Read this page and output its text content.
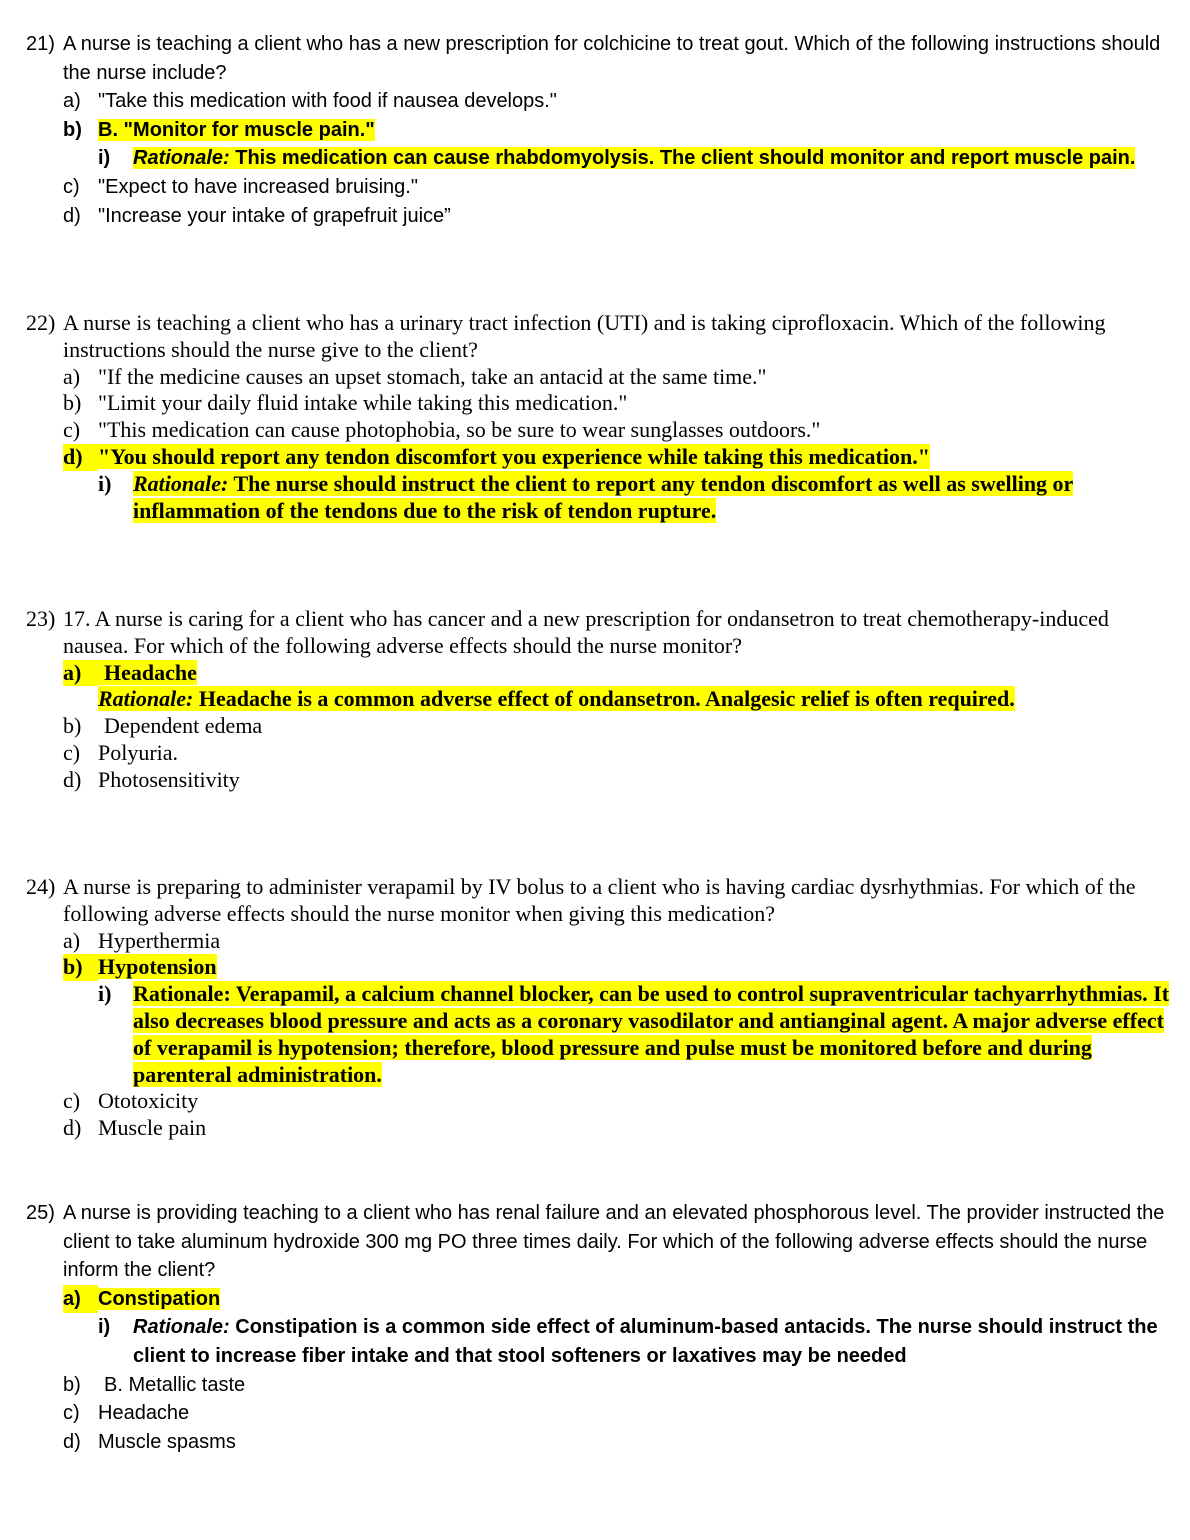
21) A nurse is teaching a client who has a new prescription for colchicine to treat gout. Which of the following instructions should the nurse include?
a) "Take this medication with food if nausea develops."
b) B. "Monitor for muscle pain."
i)	Rationale: This medication can cause rhabdomyolysis. The client should monitor and report muscle pain.
c) "Expect to have increased bruising."
d) "Increase your intake of grapefruit juice”
22) A nurse is teaching a client who has a urinary tract infection (UTI) and is taking ciprofloxacin. Which of the following instructions should the nurse give to the client?
a) "If the medicine causes an upset stomach, take an antacid at the same time."
b) "Limit your daily fluid intake while taking this medication."
c) "This medication can cause photophobia, so be sure to wear sunglasses outdoors."
d) "You should report any tendon discomfort you experience while taking this medication."
i) Rationale: The nurse should instruct the client to report any tendon discomfort as well as swelling or inflammation of the tendons due to the risk of tendon rupture.
23) 17. A nurse is caring for a client who has cancer and a new prescription for ondansetron to treat chemotherapy-induced nausea. For which of the following adverse effects should the nurse monitor?
a)	Headache
Rationale: Headache is a common adverse effect of ondansetron. Analgesic relief is often required.
b)	Dependent edema
c) Polyuria.
d) Photosensitivity
24) A nurse is preparing to administer verapamil by IV bolus to a client who is having cardiac dysrhythmias. For which of the following adverse effects should the nurse monitor when giving this medication?
a) Hyperthermia
b) Hypotension
i) Rationale: Verapamil, a calcium channel blocker, can be used to control supraventricular tachyarrhythmias. It also decreases blood pressure and acts as a coronary vasodilator and antianginal agent. A major adverse effect of verapamil is hypotension; therefore, blood pressure and pulse must be monitored before and during parenteral administration.
c) Ototoxicity
d) Muscle pain
25) A nurse is providing teaching to a client who has renal failure and an elevated phosphorous level. The provider instructed the client to take aluminum hydroxide 300 mg PO three times daily. For which of the following adverse effects should the nurse inform the client?
a) Constipation
i)	Rationale: Constipation is a common side effect of aluminum-based antacids. The nurse should instruct the client to increase fiber intake and that stool softeners or laxatives may be needed
b)	B. Metallic taste
c) Headache
d) Muscle spasms
